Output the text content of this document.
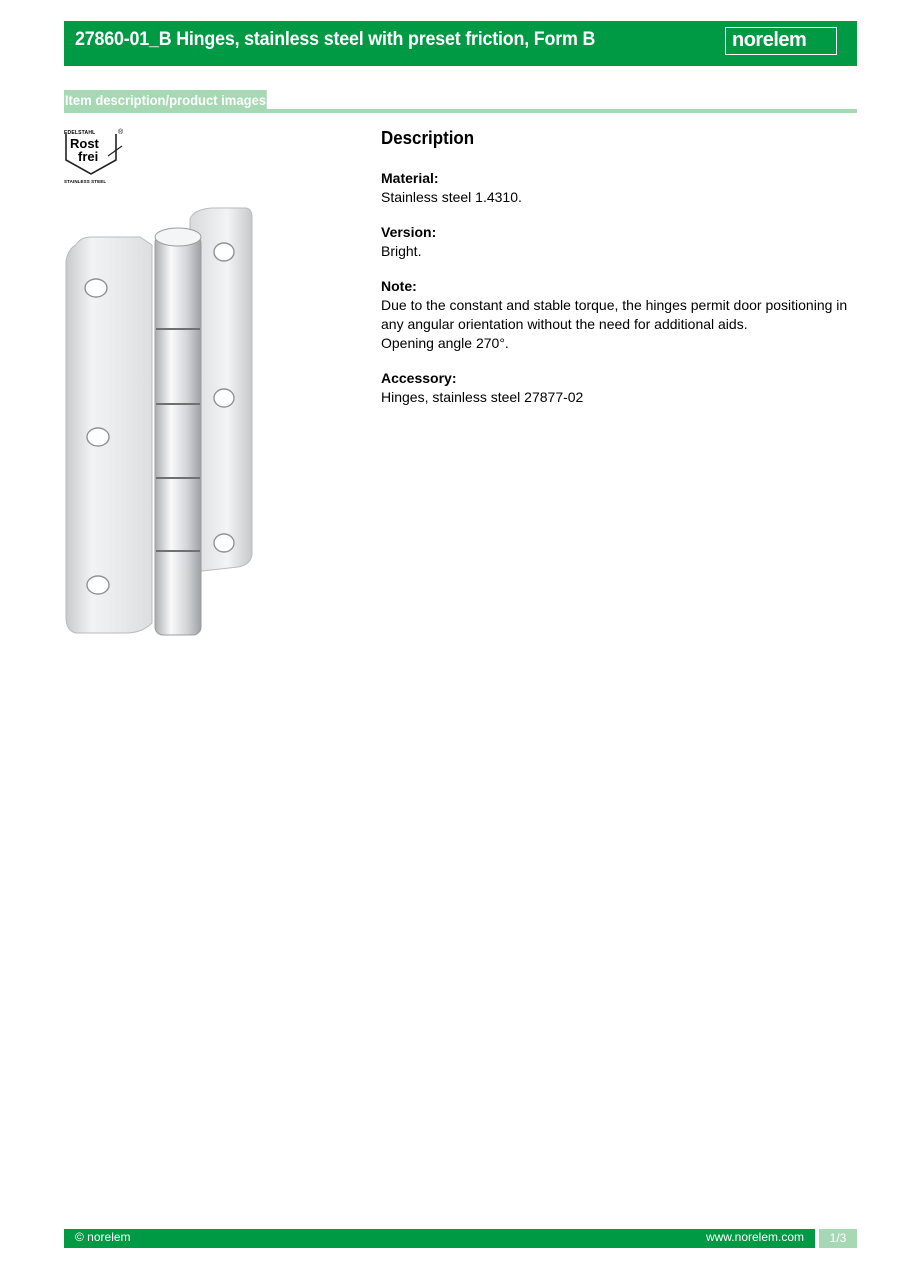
27860-01_B Hinges, stainless steel with preset friction, Form B	norelem
Item description/product images
EDELSTAHL	®
Rost
frei
STAINLESS STEEL
Description
Material:
Stainless steel 1.4310.
Version:
Bright.
Note:
Due to the constant and stable torque, the hinges permit door positioning in any angular orientation without the need for additional aids.
Opening angle 270°.
Accessory:
Hinges, stainless steel 27877-02
© norelem	www.norelem.com	1/3
